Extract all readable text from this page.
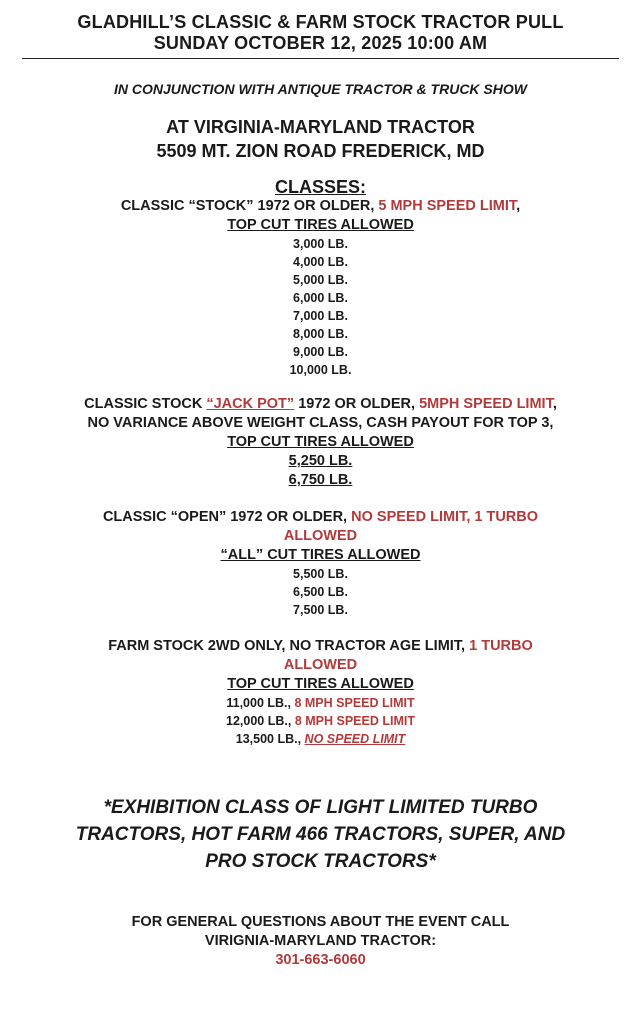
GLADHILL’S CLASSIC & FARM STOCK TRACTOR PULL
SUNDAY OCTOBER 12, 2025 10:00 AM
IN CONJUNCTION WITH ANTIQUE TRACTOR & TRUCK SHOW
AT VIRGINIA-MARYLAND TRACTOR
5509 MT. ZION ROAD FREDERICK, MD
CLASSES:
CLASSIC “STOCK” 1972 OR OLDER, 5 MPH SPEED LIMIT,
TOP CUT TIRES ALLOWED
3,000 LB.
4,000 LB.
5,000 LB.
6,000 LB.
7,000 LB.
8,000 LB.
9,000 LB.
10,000 LB.
CLASSIC STOCK “JACK POT” 1972 OR OLDER, 5MPH SPEED LIMIT,
NO VARIANCE ABOVE WEIGHT CLASS, CASH PAYOUT FOR TOP 3,
TOP CUT TIRES ALLOWED
5,250 LB.
6,750 LB.
CLASSIC “OPEN” 1972 OR OLDER, NO SPEED LIMIT, 1 TURBO
ALLOWED
“ALL” CUT TIRES ALLOWED
5,500 LB.
6,500 LB.
7,500 LB.
FARM STOCK 2WD ONLY, NO TRACTOR AGE LIMIT, 1 TURBO
ALLOWED
TOP CUT TIRES ALLOWED
11,000 LB., 8 MPH SPEED LIMIT
12,000 LB., 8 MPH SPEED LIMIT
13,500 LB., NO SPEED LIMIT
*EXHIBITION CLASS OF LIGHT LIMITED TURBO
TRACTORS, HOT FARM 466 TRACTORS, SUPER, AND
PRO STOCK TRACTORS*
FOR GENERAL QUESTIONS ABOUT THE EVENT CALL
VIRIGNIA-MARYLAND TRACTOR:
301-663-6060
